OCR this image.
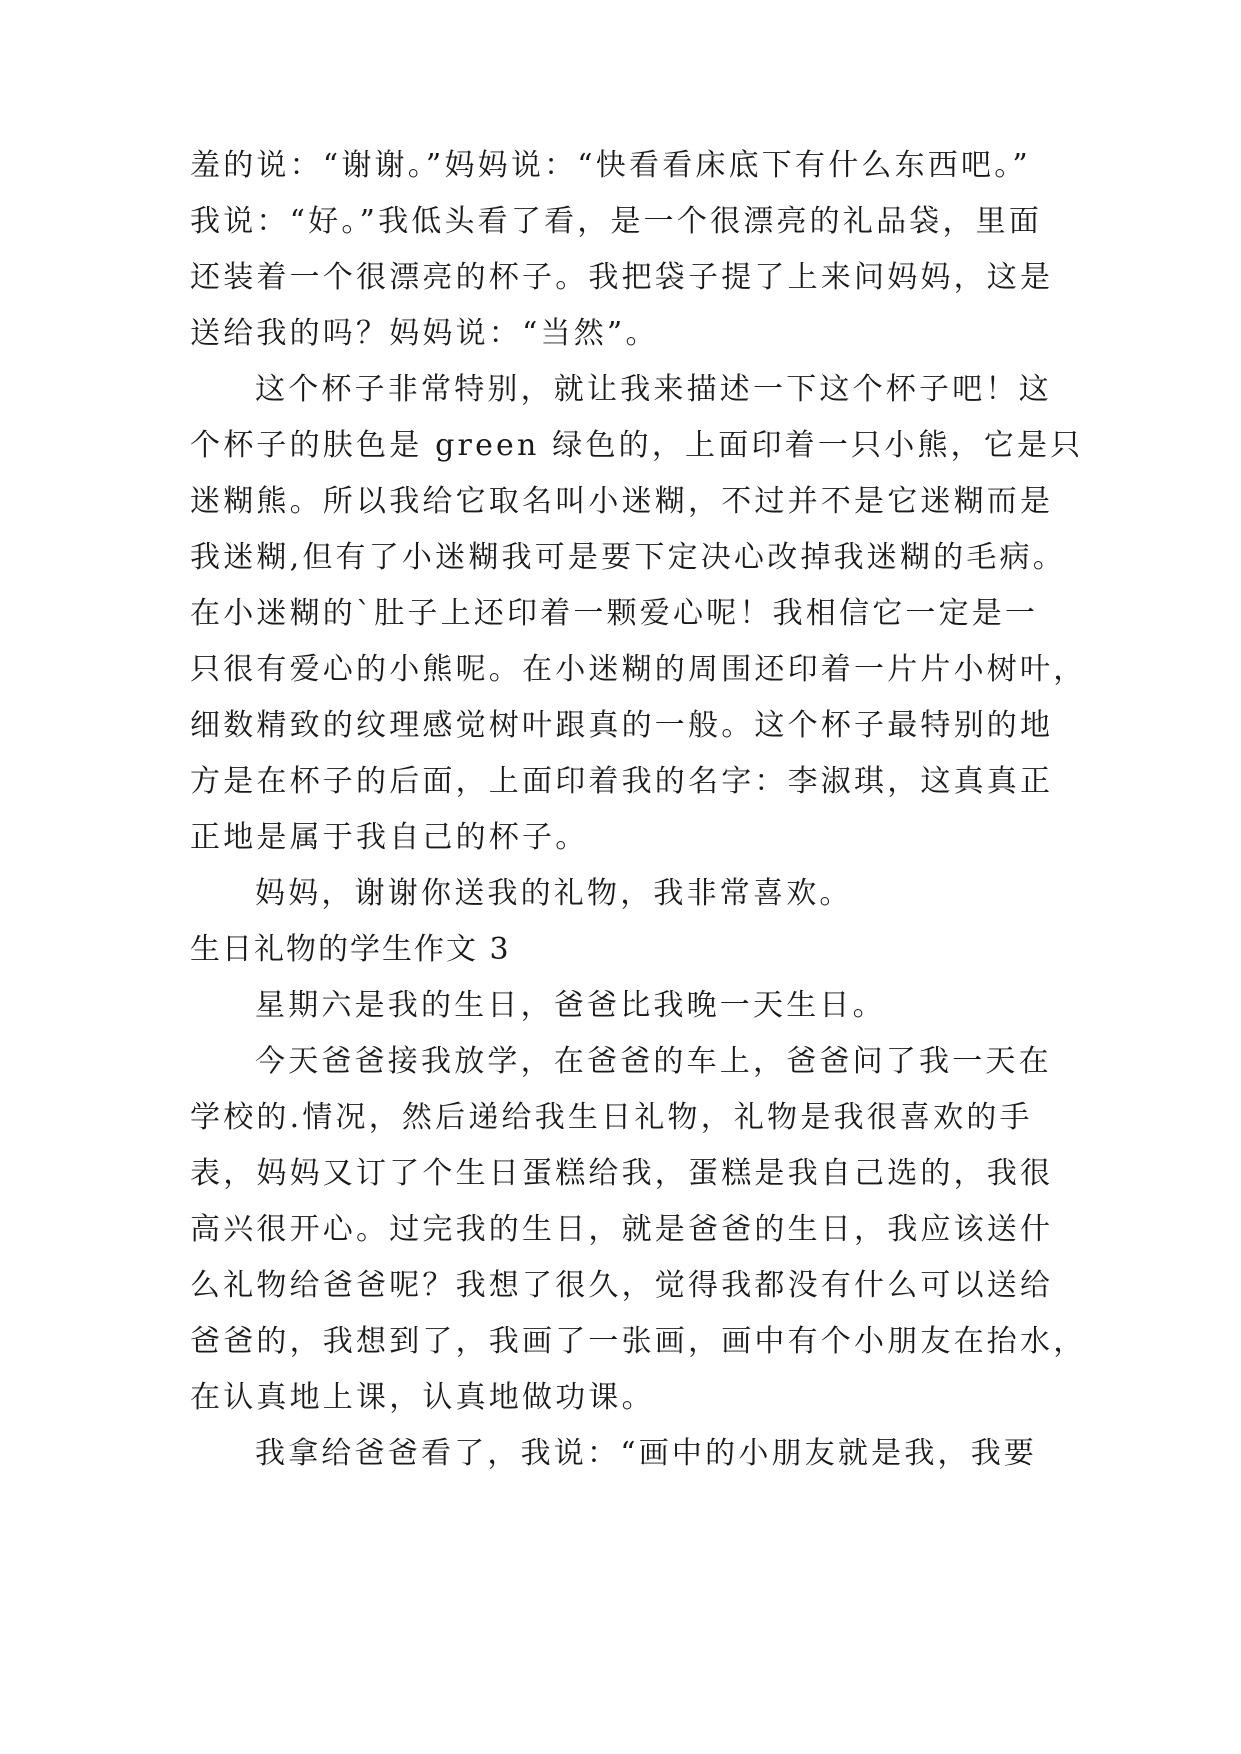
羞的说：“谢谢。”妈妈说：“快看看床底下有什么东西吧。”
我说：“好。”我低头看了看，是一个很漂亮的礼品袋，里面
还装着一个很漂亮的杯子。我把袋子提了上来问妈妈，这是
送给我的吗？妈妈说：“当然”。
这个杯子非常特别，就让我来描述一下这个杯子吧！这
个杯子的肤色是 green 绿色的，上面印着一只小熊，它是只
迷糊熊。所以我给它取名叫小迷糊，不过并不是它迷糊而是
我迷糊,但有了小迷糊我可是要下定决心改掉我迷糊的毛病。
在小迷糊的`肚子上还印着一颗爱心呢！我相信它一定是一
只很有爱心的小熊呢。在小迷糊的周围还印着一片片小树叶，
细数精致的纹理感觉树叶跟真的一般。这个杯子最特别的地
方是在杯子的后面，上面印着我的名字：李淑琪，这真真正
正地是属于我自己的杯子。
妈妈，谢谢你送我的礼物，我非常喜欢。
生日礼物的学生作文 3
星期六是我的生日，爸爸比我晚一天生日。
今天爸爸接我放学，在爸爸的车上，爸爸问了我一天在
学校的.情况，然后递给我生日礼物，礼物是我很喜欢的手
表，妈妈又订了个生日蛋糕给我，蛋糕是我自己选的，我很
高兴很开心。过完我的生日，就是爸爸的生日，我应该送什
么礼物给爸爸呢？我想了很久，觉得我都没有什么可以送给
爸爸的，我想到了，我画了一张画，画中有个小朋友在抬水，
在认真地上课，认真地做功课。
我拿给爸爸看了，我说：“画中的小朋友就是我，我要
